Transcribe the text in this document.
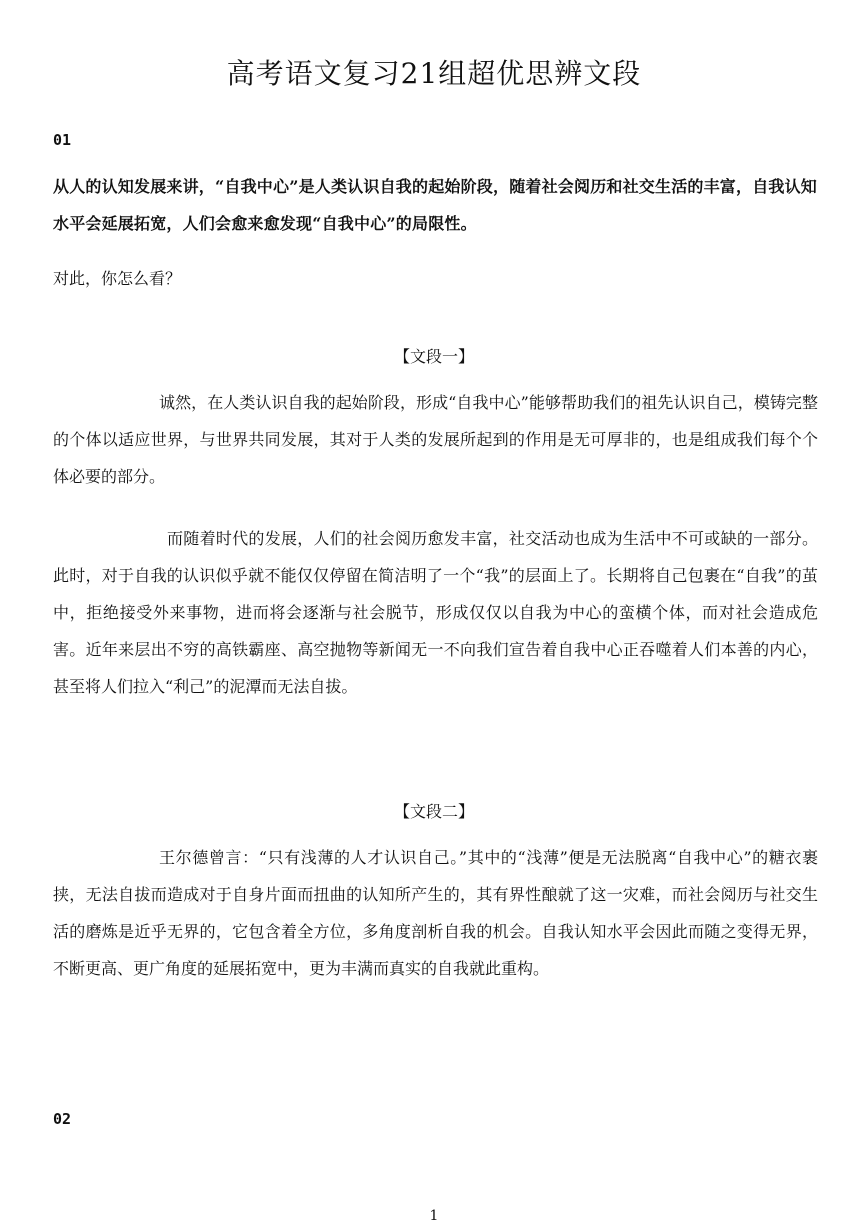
高考语文复习21组超优思辨文段
01
从人的认知发展来讲，“自我中心”是人类认识自我的起始阶段，随着社会阅历和社交生活的丰富，自我认知水平会延展拓宽，人们会愈来愈发现“自我中心”的局限性。
对此，你怎么看？
【文段一】

诚然，在人类认识自我的起始阶段，形成“自我中心”能够帮助我们的祖先认识自己，模铸完整的个体以适应世界，与世界共同发展，其对于人类的发展所起到的作用是无可厚非的，也是组成我们每个个体必要的部分。

而随着时代的发展，人们的社会阅历愈发丰富，社交活动也成为生活中不可或缺的一部分。此时，对于自我的认识似乎就不能仅仅停留在简洁明了一个“我”的层面上了。长期将自己包裹在“自我”的茧中，拒绝接受外来事物，进而将会逐渐与社会脱节，形成仅仅以自我为中心的蛮横个体，而对社会造成危害。近年来层出不穷的高铁霸座、高空抛物等新闻无一不向我们宣告着自我中心正吞噬着人们本善的内心，甚至将人们拉入“利己”的泥潭而无法自拔。

【文段二】

王尔德曾言：“只有浅薄的人才认识自己。”其中的“浅薄”便是无法脱离“自我中心”的糖衣裹挟，无法自拔而造成对于自身片面而扭曲的认知所产生的，其有界性酿就了这一灾难，而社会阅历与社交生活的磨炼是近乎无界的，它包含着全方位，多角度剖析自我的机会。自我认知水平会因此而随之变得无界，不断更高、更广角度的延展拓宽中，更为丰满而真实的自我就此重构。

02
1
